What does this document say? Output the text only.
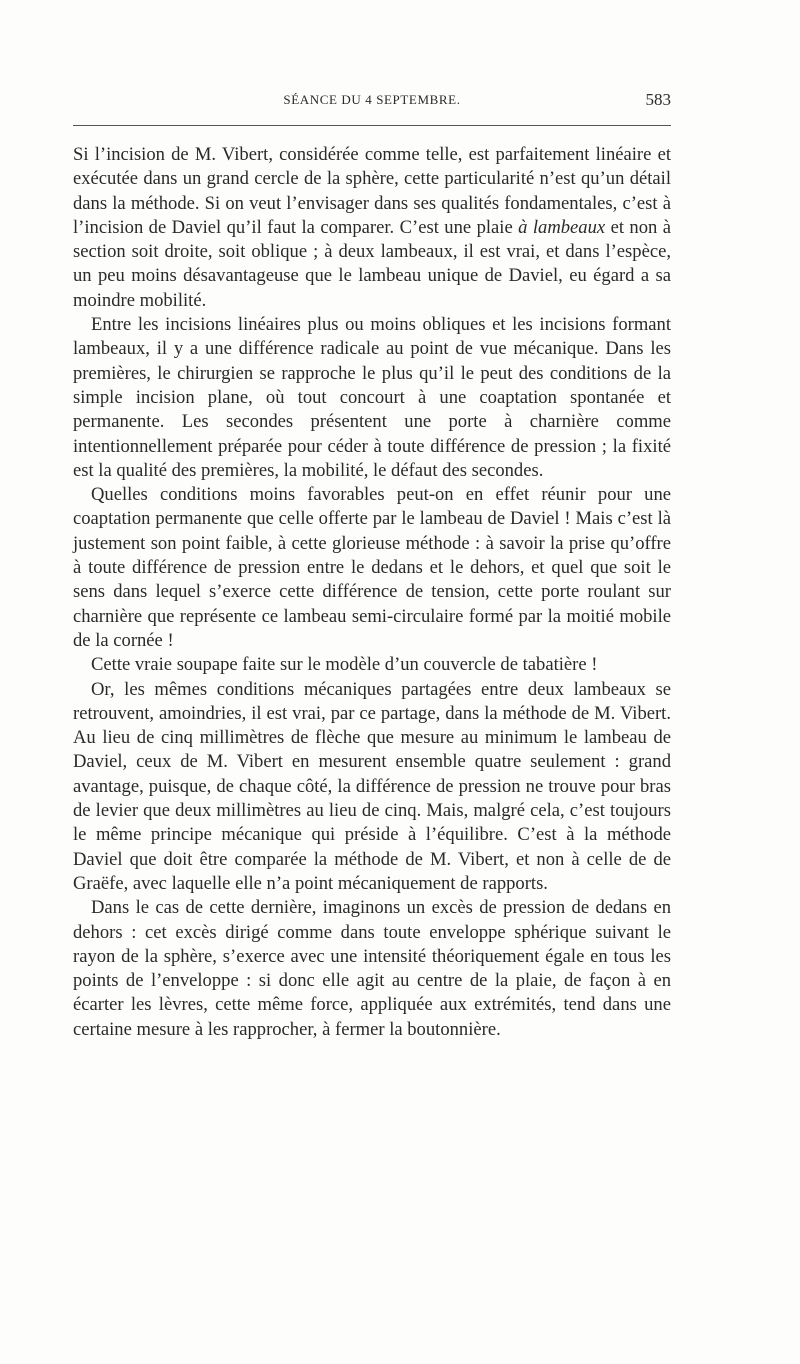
SÉANCE DU 4 SEPTEMBRE.	583

Si l’incision de M. Vibert, considérée comme telle, est parfaitement linéaire et exécutée dans un grand cercle de la sphère, cette particularité n’est qu’un détail dans la méthode. Si on veut l’envisager dans ses qualités fondamentales, c’est à l’incision de Daviel qu’il faut la comparer. C’est une plaie à lambeaux et non à section soit droite, soit oblique ; à deux lambeaux, il est vrai, et dans l’espèce, un peu moins désavantageuse que le lambeau unique de Daviel, eu égard a sa moindre mobilité.

Entre les incisions linéaires plus ou moins obliques et les incisions formant lambeaux, il y a une différence radicale au point de vue mécanique. Dans les premières, le chirurgien se rapproche le plus qu’il le peut des conditions de la simple incision plane, où tout concourt à une coaptation spontanée et permanente. Les secondes présentent une porte à charnière comme intentionnellement préparée pour céder à toute différence de pression ; la fixité est la qualité des premières, la mobilité, le défaut des secondes.

Quelles conditions moins favorables peut-on en effet réunir pour une coaptation permanente que celle offerte par le lambeau de Daviel ! Mais c’est là justement son point faible, à cette glorieuse méthode : à savoir la prise qu’offre à toute différence de pression entre le dedans et le dehors, et quel que soit le sens dans lequel s’exerce cette différence de tension, cette porte roulant sur charnière que représente ce lambeau semi-circulaire formé par la moitié mobile de la cornée !

Cette vraie soupape faite sur le modèle d’un couvercle de tabatière !

Or, les mêmes conditions mécaniques partagées entre deux lambeaux se retrouvent, amoindries, il est vrai, par ce partage, dans la méthode de M. Vibert. Au lieu de cinq millimètres de flèche que mesure au minimum le lambeau de Daviel, ceux de M. Vibert en mesurent ensemble quatre seulement : grand avantage, puisque, de chaque côté, la différence de pression ne trouve pour bras de levier que deux millimètres au lieu de cinq. Mais, malgré cela, c’est toujours le même principe mécanique qui préside à l’équilibre. C’est à la méthode Daviel que doit être comparée la méthode de M. Vibert, et non à celle de de Graëfe, avec laquelle elle n’a point mécaniquement de rapports.

Dans le cas de cette dernière, imaginons un excès de pression de dedans en dehors : cet excès dirigé comme dans toute enveloppe sphérique suivant le rayon de la sphère, s’exerce avec une intensité théoriquement égale en tous les points de l’enveloppe : si donc elle agit au centre de la plaie, de façon à en écarter les lèvres, cette même force, appliquée aux extrémités, tend dans une certaine mesure à les rapprocher, à fermer la boutonnière.
